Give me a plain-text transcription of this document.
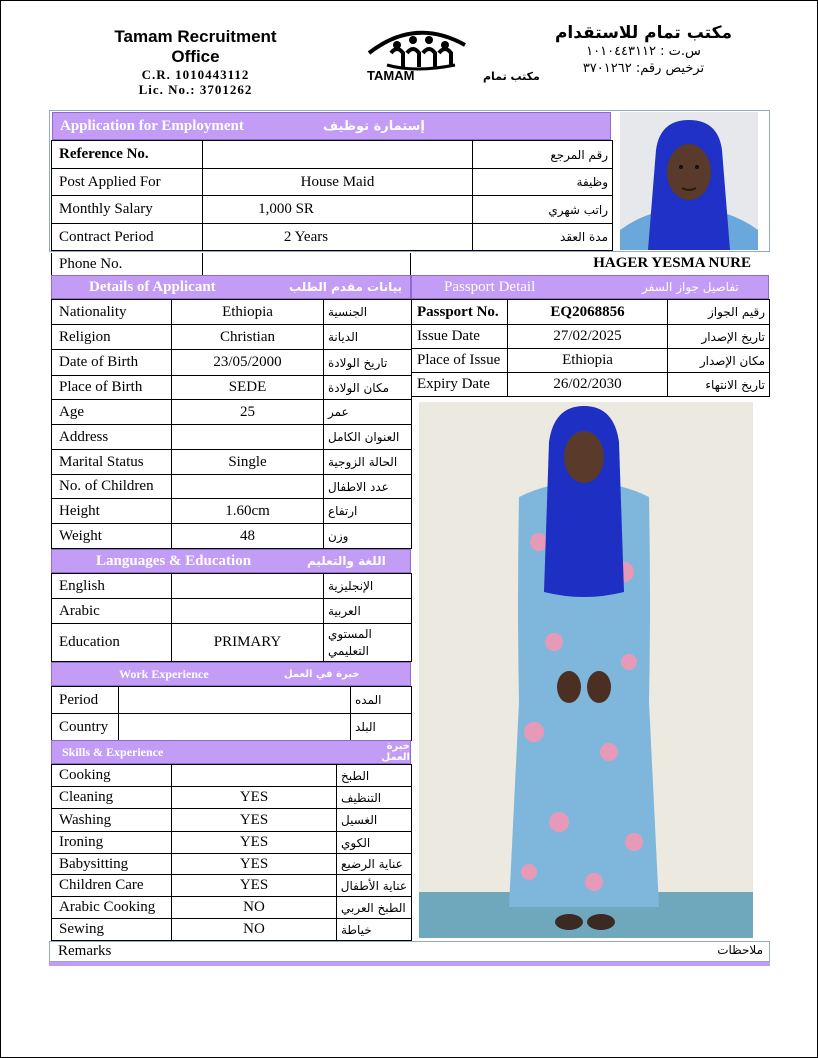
Tamam Recruitment Office
C.R. 1010443112
Lic. No.: 3701262
TAMAM	مكتب تمام
مكتب تمام للاستقدام
س.ت : ١٠١٠٤٤٣١١٢
ترخيص رقم: ٣٧٠١٢٦٢
Application for Employment	إستمارة توظيف
Reference No.		رقم المرجع
Post Applied For	House Maid	وظيفة
Monthly Salary	1,000 SR	راتب شهري
Contract Period	2 Years	مدة العقد
Phone No.		HAGER YESMA NURE
Details of Applicant	بيانات مقدم الطلب
Nationality	Ethiopia	الجنسية
Religion	Christian	الديانة
Date of Birth	23/05/2000	تاريخ الولادة
Place of Birth	SEDE	مكان الولادة
Age	25	عمر
Address		العنوان الكامل
Marital Status	Single	الحالة الزوجية
No. of Children		عدد الاطفال
Height	1.60cm	ارتفاع
Weight	48	وزن
Languages & Education	اللغة والتعليم
English		الإنجليزية
Arabic		العربية
Education	PRIMARY	المستوي التعليمي
Work Experience	خبرة في العمل
Period		المده
Country		البلد
Skills & Experience	خبرة العمل
Cooking		الطبخ
Cleaning	YES	التنظيف
Washing	YES	الغسيل
Ironing	YES	الكوي
Babysitting	YES	عناية الرضيع
Children Care	YES	عناية الأطفال
Arabic Cooking	NO	الطبخ العربي
Sewing	NO	خياطة
Passport Detail	تفاصيل جواز السفر
Passport No.	EQ2068856	رقيم الجواز
Issue Date	27/02/2025	تاريخ الإصدار
Place of Issue	Ethiopia	مكان الإصدار
Expiry Date	26/02/2030	تاريخ الانتهاء
Remarks	ملاحظات
